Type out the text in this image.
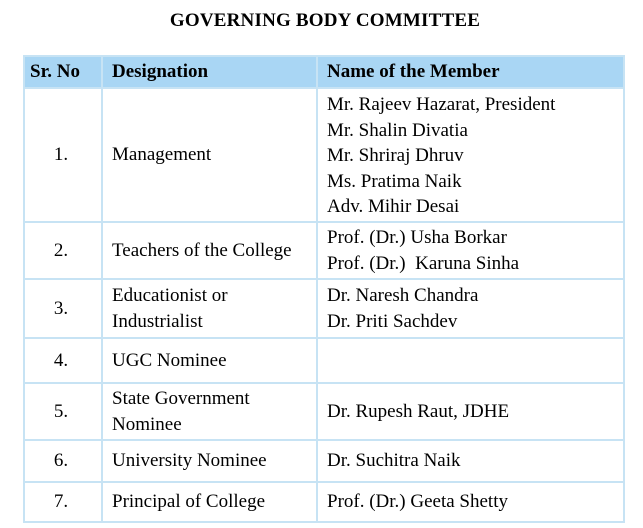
GOVERNING BODY COMMITTEE
Sr. No	Designation	Name of the Member
1.	Management	Mr. Rajeev Hazarat, President
Mr. Shalin Divatia
Mr. Shriraj Dhruv
Ms. Pratima Naik
Adv. Mihir Desai

2.	Teachers of the College	Prof. (Dr.) Usha Borkar
Prof. (Dr.)  Karuna Sinha

3.	Educationist or Industrialist	Dr. Naresh Chandra
Dr. Priti Sachdev

4.	UGC Nominee	
5.	State Government Nominee	Dr. Rupesh Raut, JDHE

6.	University Nominee	Dr. Suchitra Naik

7.	Principal of College	Prof. (Dr.) Geeta Shetty
